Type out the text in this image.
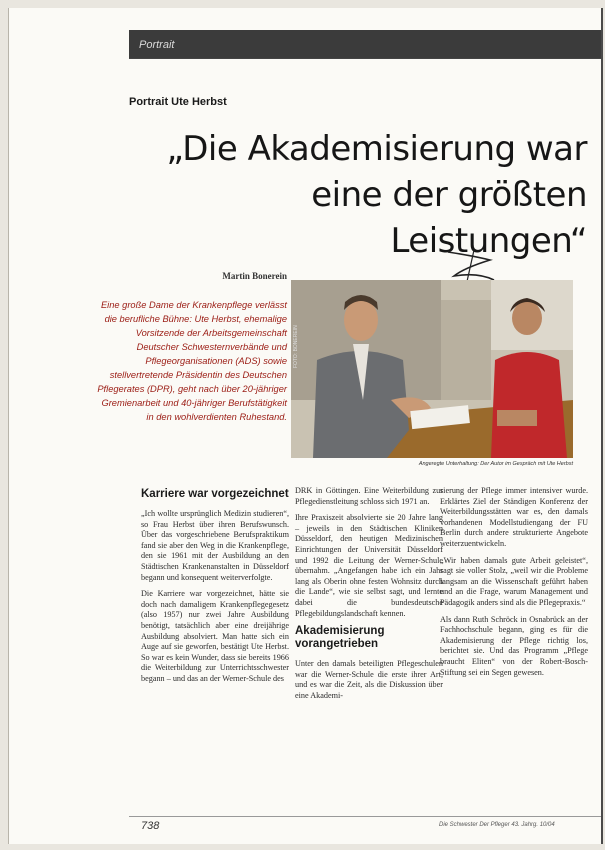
Portrait
Portrait Ute Herbst
„Die Akademisierung war
eine der größten Leistungen“
Martin Bonerein
Eine große Dame der Krankenpflege verlässt die berufliche Bühne: Ute Herbst, ehemalige Vorsitzende der Arbeitsgemeinschaft Deutscher Schwesternverbände und Pflegeorganisationen (ADS) sowie stellvertretende Präsidentin des Deutschen Pflegerates (DPR), geht nach über 20-jähriger Gremienarbeit und 40-jähriger Berufstätigkeit in den wohlverdienten Ruhestand.
FOTO: BONEREIN
Angeregte Unterhaltung: Der Autor im Gespräch mit Ute Herbst
Karriere war vorgezeichnet

„Ich wollte ursprünglich Medizin studieren“, so Frau Herbst über ihren Berufswunsch. Über das vorgeschriebene Berufspraktikum fand sie aber den Weg in die Krankenpflege, den sie 1961 mit der Ausbildung an den Städtischen Krankenanstalten in Düsseldorf begann und konsequent weiterverfolgte.

Die Karriere war vorgezeichnet, hätte sie doch nach damaligem Krankenpflegegesetz (also 1957) nur zwei Jahre Ausbildung benötigt, tatsächlich aber eine dreijährige Ausbildung absolviert. Man hatte sich ein Auge auf sie geworfen, bestätigt Ute Herbst. So war es kein Wunder, dass sie bereits 1966 die Weiterbildung zur Unterrichtsschwester begann – und das an der Werner-Schule des

DRK in Göttingen. Eine Weiterbildung zur Pflegedienstleitung schloss sich 1971 an.

Ihre Praxiszeit absolvierte sie 20 Jahre lang – jeweils in den Städtischen Kliniken Düsseldorf, den heutigen Medizinischen Einrichtungen der Universität Düsseldorf und 1992 die Leitung der Werner-Schule übernahm. „Angefangen habe ich ein Jahr lang als Oberin ohne festen Wohnsitz durch die Lande“, wie sie selbst sagt, und lernte dabei die bundesdeutsche Pflegebildungslandschaft kennen.

Akademisierung vorangetrieben

Unter den damals beteiligten Pflegeschulen war die Werner-Schule die erste ihrer Art, und es war die Zeit, als die Diskussion über eine Akademi-

sierung der Pflege immer intensiver wurde. Erklärtes Ziel der Ständigen Konferenz der Weiterbildungsstätten war es, den damals vorhandenen Modellstudiengang der FU Berlin durch andere strukturierte Angebote weiterzuentwickeln.

„Wir haben damals gute Arbeit geleistet“, sagt sie voller Stolz, „weil wir die Probleme langsam an die Wissenschaft geführt haben und an die Frage, warum Management und Pädagogik anders sind als die Pflegepraxis.“

Als dann Ruth Schröck in Osnabrück an der Fachhochschule begann, ging es für die Akademisierung der Pflege richtig los, berichtet sie. Und das Programm „Pflege braucht Eliten“ von der Robert-Bosch-Stiftung sei ein Segen gewesen.

738	Die Schwester Der Pfleger 43. Jahrg. 10/04
